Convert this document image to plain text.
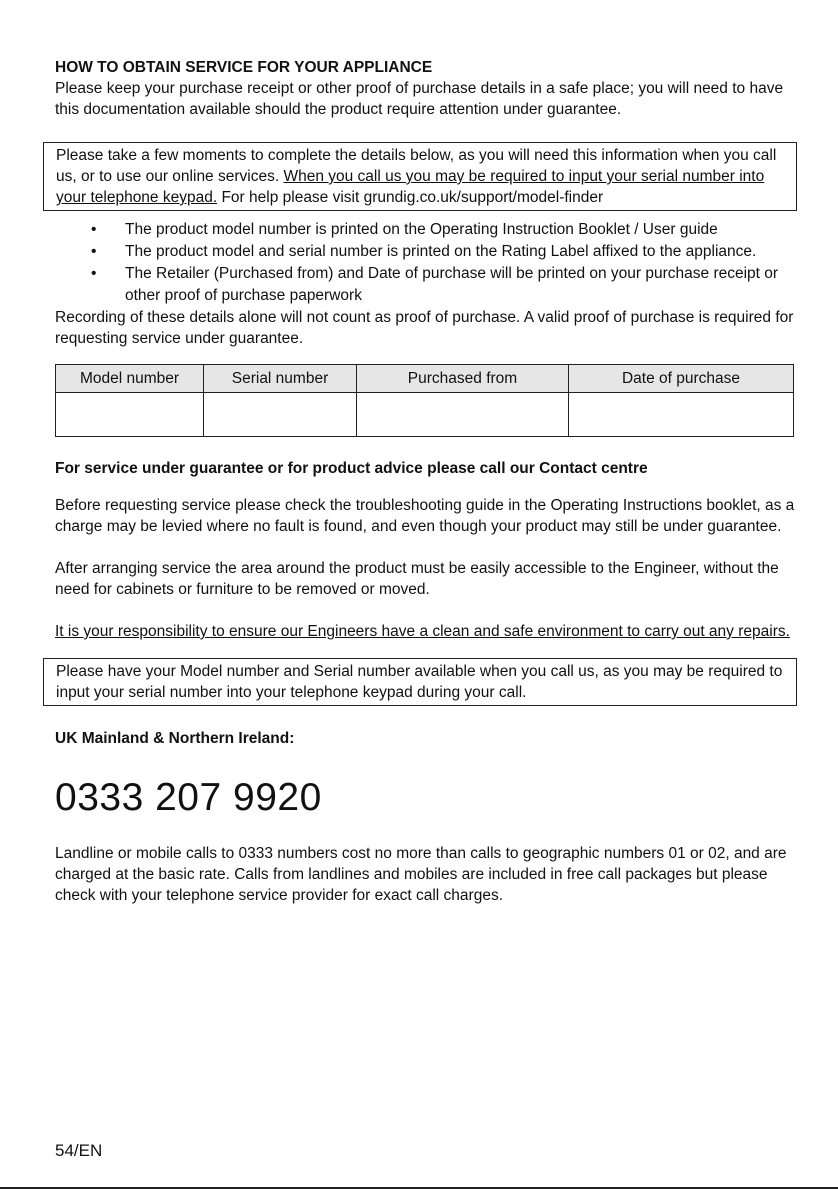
HOW TO OBTAIN SERVICE FOR YOUR APPLIANCE

Please keep your purchase receipt or other proof of purchase details in a safe place; you will need to have this documentation available should the product require attention under guarantee.

Please take a few moments to complete the details below, as you will need this information when you call us, or to use our online services. When you call us you may be required to input your serial number into your telephone keypad. For help please visit grundig.co.uk/support/model-finder
• The product model number is printed on the Operating Instruction Booklet / User guide
• The product model and serial number is printed on the Rating Label affixed to the appliance.
• The Retailer (Purchased from) and Date of purchase will be printed on your purchase receipt or other proof of purchase paperwork

Recording of these details alone will not count as proof of purchase. A valid proof of purchase is required for requesting service under guarantee.

Model number	Serial number	Purchased from	Date of purchase

For service under guarantee or for product advice please call our Contact centre

Before requesting service please check the troubleshooting guide in the Operating Instructions booklet, as a charge may be levied where no fault is found, and even though your product may still be under guarantee.

After arranging service the area around the product must be easily accessible to the Engineer, without the need for cabinets or furniture to be removed or moved.

It is your responsibility to ensure our Engineers have a clean and safe environment to carry out any repairs.

Please have your Model number and Serial number available when you call us, as you may be required to input your serial number into your telephone keypad during your call.
UK Mainland & Northern Ireland:
0333 207 9920

Landline or mobile calls to 0333 numbers cost no more than calls to geographic numbers 01 or 02, and are charged at the basic rate. Calls from landlines and mobiles are included in free call packages but please check with your telephone service provider for exact call charges.

54/EN
